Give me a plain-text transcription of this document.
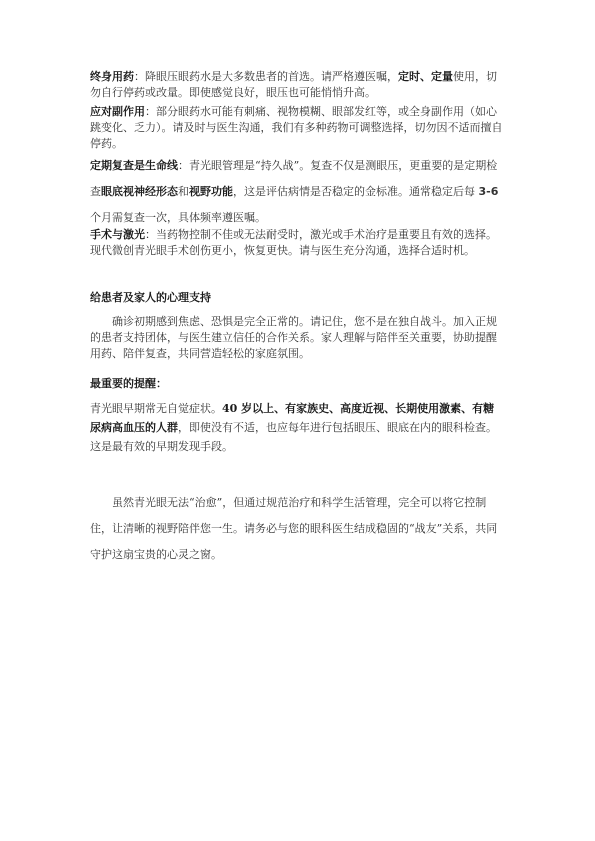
终身用药：降眼压眼药水是大多数患者的首选。请严格遵医嘱，定时、定量使用，切勿自行停药或改量。即使感觉良好，眼压也可能悄悄升高。
应对副作用：部分眼药水可能有刺痛、视物模糊、眼部发红等，或全身副作用（如心跳变化、乏力）。请及时与医生沟通，我们有多种药物可调整选择，切勿因不适而擅自停药。
定期复查是生命线：青光眼管理是“持久战”。复查不仅是测眼压，更重要的是定期检查眼底视神经形态和视野功能，这是评估病情是否稳定的金标准。通常稳定后每 3-6 个月需复查一次，具体频率遵医嘱。
手术与激光：当药物控制不佳或无法耐受时，激光或手术治疗是重要且有效的选择。现代微创青光眼手术创伤更小，恢复更快。请与医生充分沟通，选择合适时机。
给患者及家人的心理支持
确诊初期感到焦虑、恐惧是完全正常的。请记住，您不是在独自战斗。加入正规的患者支持团体，与医生建立信任的合作关系。家人理解与陪伴至关重要，协助提醒用药、陪伴复查，共同营造轻松的家庭氛围。
最重要的提醒：
青光眼早期常无自觉症状。40 岁以上、有家族史、高度近视、长期使用激素、有糖尿病高血压的人群，即使没有不适，也应每年进行包括眼压、眼底在内的眼科检查。这是最有效的早期发现手段。
虽然青光眼无法“治愈”，但通过规范治疗和科学生活管理，完全可以将它控制住，让清晰的视野陪伴您一生。请务必与您的眼科医生结成稳固的“战友”关系，共同守护这扇宝贵的心灵之窗。
